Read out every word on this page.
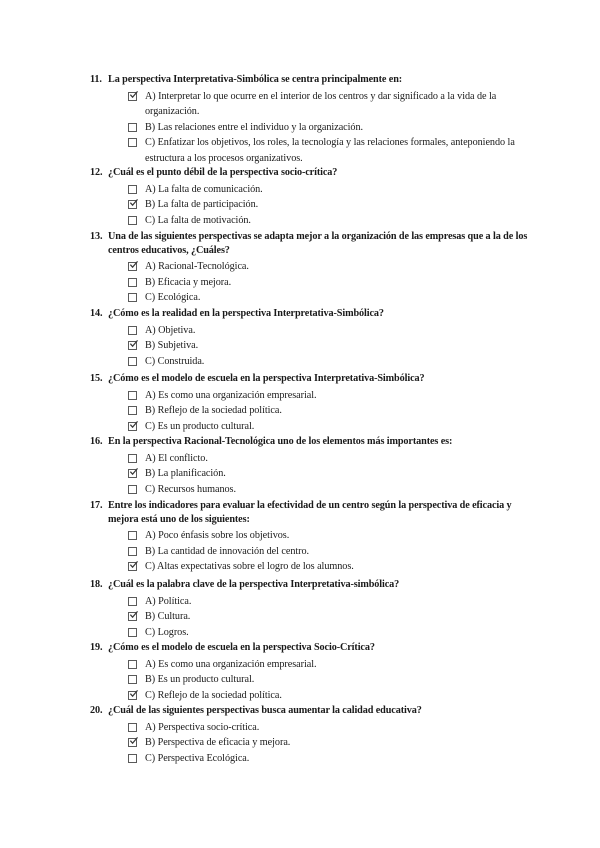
11. La perspectiva Interpretativa-Simbólica se centra principalmente en:
A) Interpretar lo que ocurre en el interior de los centros y dar significado a la vida de la organización.
B) Las relaciones entre el individuo y la organización.
C) Enfatizar los objetivos, los roles, la tecnología y las relaciones formales, anteponiendo la estructura a los procesos organizativos.
12. ¿Cuál es el punto débil de la perspectiva socio-crítica?
A) La falta de comunicación.
B) La falta de participación.
C) La falta de motivación.
13. Una de las siguientes perspectivas se adapta mejor a la organización de las empresas que a la de los centros educativos, ¿Cuáles?
A) Racional-Tecnológica.
B) Eficacia y mejora.
C) Ecológica.
14. ¿Cómo es la realidad en la perspectiva Interpretativa-Simbólica?
A) Objetiva.
B) Subjetiva.
C) Construida.
15. ¿Cómo es el modelo de escuela en la perspectiva Interpretativa-Simbólica?
A) Es como una organización empresarial.
B) Reflejo de la sociedad política.
C) Es un producto cultural.
16. En la perspectiva Racional-Tecnológica uno de los elementos más importantes es:
A) El conflicto.
B) La planificación.
C) Recursos humanos.
17. Entre los indicadores para evaluar la efectividad de un centro según la perspectiva de eficacia y mejora está uno de los siguientes:
A) Poco énfasis sobre los objetivos.
B) La cantidad de innovación del centro.
C) Altas expectativas sobre el logro de los alumnos.
18. ¿Cuál es la palabra clave de la perspectiva Interpretativa-simbólica?
A) Política.
B) Cultura.
C) Logros.
19. ¿Cómo es el modelo de escuela en la perspectiva Socio-Crítica?
A) Es como una organización empresarial.
B) Es un producto cultural.
C) Reflejo de la sociedad política.
20. ¿Cuál de las siguientes perspectivas busca aumentar la calidad educativa?
A) Perspectiva socio-crítica.
B) Perspectiva de eficacia y mejora.
C) Perspectiva Ecológica.
